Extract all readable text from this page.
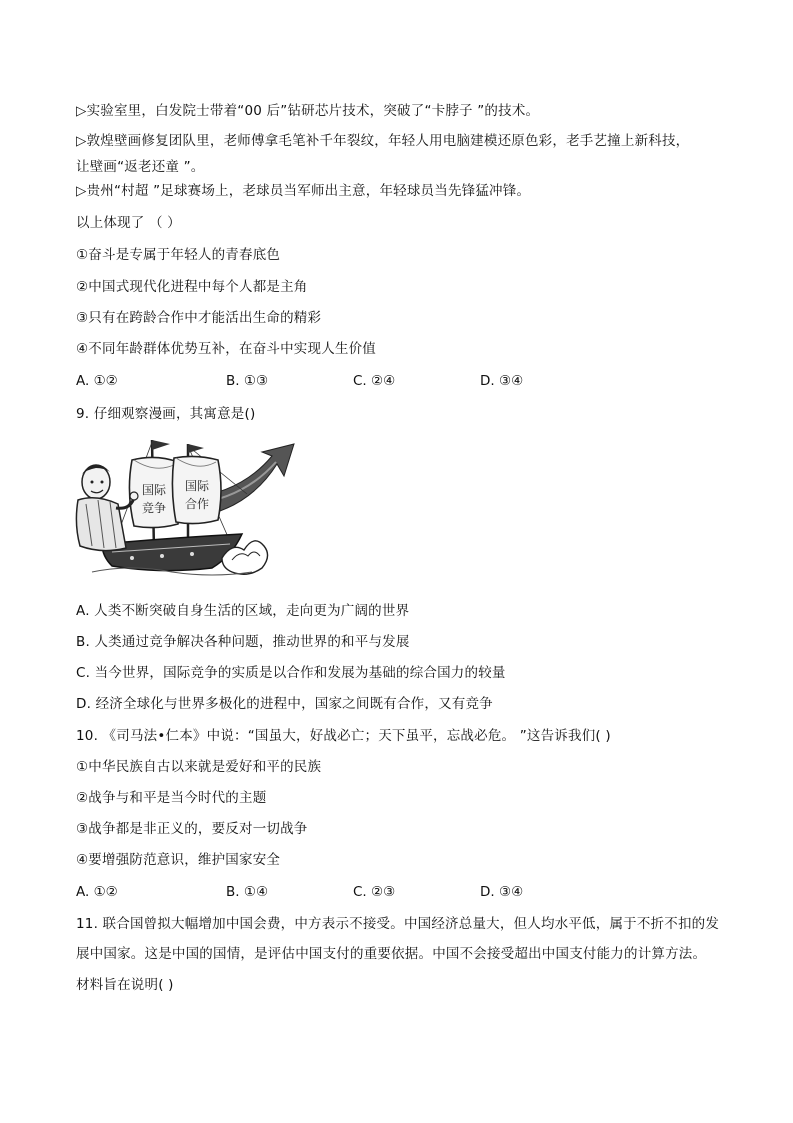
▷实验室里，白发院士带着“00 后”钻研芯片技术，突破了“卡脖子 ”的技术。
▷敦煌壁画修复团队里，老师傅拿毛笔补千年裂纹，年轻人用电脑建模还原色彩，老手艺撞上新科技，
让壁画“返老还童 ”。
▷贵州“村超 ”足球赛场上，老球员当军师出主意，年轻球员当先锋猛冲锋。
以上体现了 （ ）
①奋斗是专属于年轻人的青春底色
②中国式现代化进程中每个人都是主角
③只有在跨龄合作中才能活出生命的精彩
④不同年龄群体优势互补，在奋斗中实现人生价值
A. ①②	B. ①③	C. ②④	D. ③④
9. 仔细观察漫画，其寓意是()
国际
竞争
国际
合作
A. 人类不断突破自身生活的区域，走向更为广阔的世界
B. 人类通过竞争解决各种问题，推动世界的和平与发展
C. 当今世界，国际竞争的实质是以合作和发展为基础的综合国力的较量
D. 经济全球化与世界多极化的进程中，国家之间既有合作，又有竞争
10. 《司马法•仁本》中说：“国虽大，好战必亡；天下虽平，忘战必危。 ”这告诉我们( )
①中华民族自古以来就是爱好和平的民族
②战争与和平是当今时代的主题
③战争都是非正义的，要反对一切战争
④要增强防范意识，维护国家安全
A. ①②	B. ①④	C. ②③	D. ③④
11. 联合国曾拟大幅增加中国会费，中方表示不接受。中国经济总量大，但人均水平低，属于不折不扣的发
展中国家。这是中国的国情，是评估中国支付的重要依据。中国不会接受超出中国支付能力的计算方法。
材料旨在说明( )
